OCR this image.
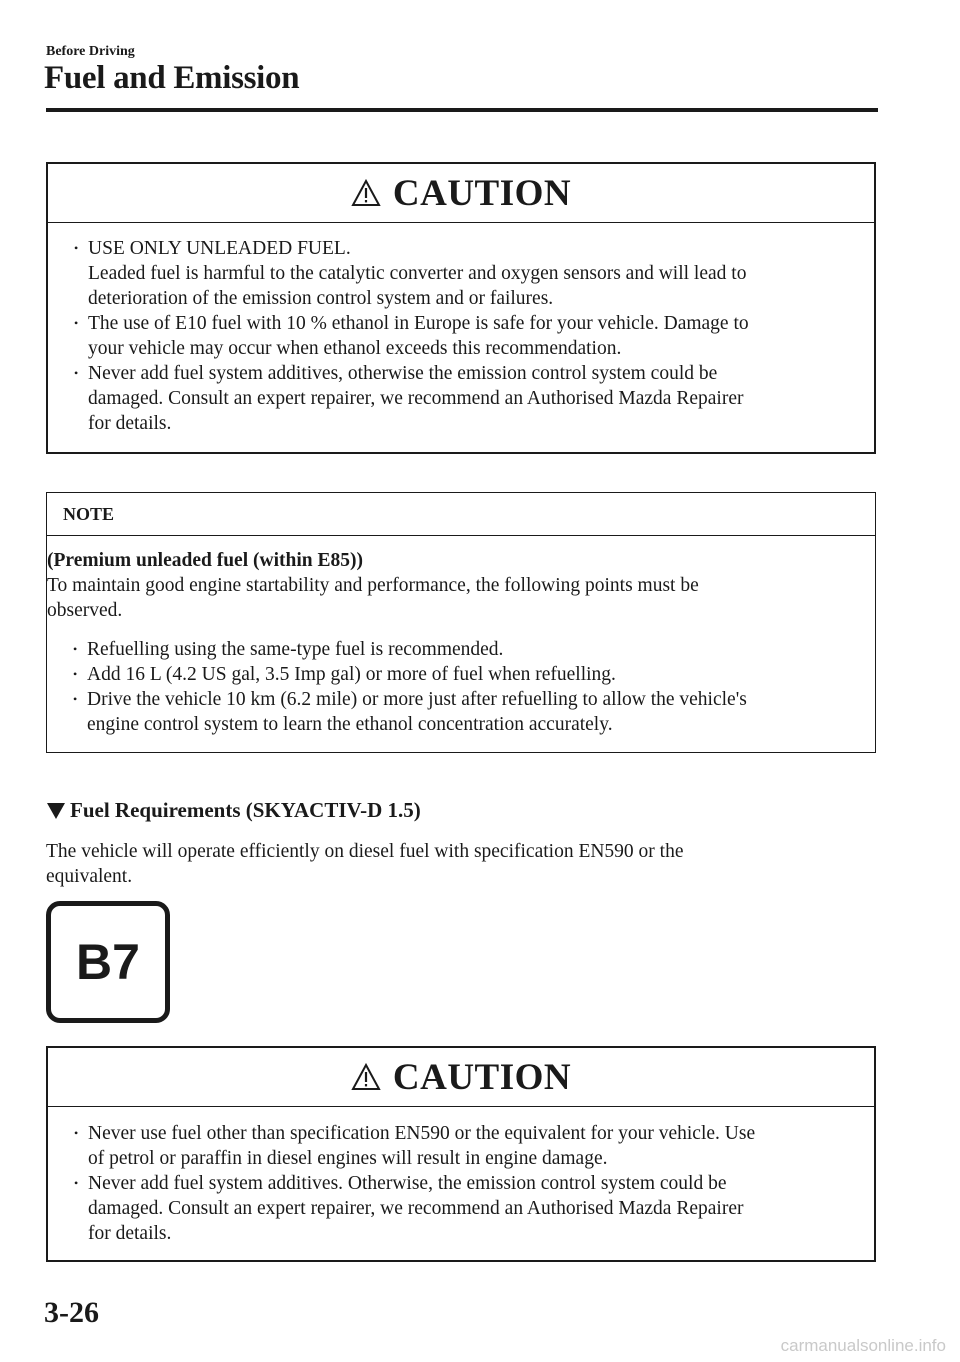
Before Driving
Fuel and Emission
CAUTION
• USE ONLY UNLEADED FUEL.
Leaded fuel is harmful to the catalytic converter and oxygen sensors and will lead to
deterioration of the emission control system and or failures.
• The use of E10 fuel with 10 % ethanol in Europe is safe for your vehicle. Damage to
your vehicle may occur when ethanol exceeds this recommendation.
• Never add fuel system additives, otherwise the emission control system could be
damaged. Consult an expert repairer, we recommend an Authorised Mazda Repairer
for details.
NOTE

(Premium unleaded fuel (within E85))

To maintain good engine startability and performance, the following points must be
observed.

• Refuelling using the same-type fuel is recommended.
• Add 16 L (4.2 US gal, 3.5 Imp gal) or more of fuel when refuelling.
• Drive the vehicle 10 km (6.2 mile) or more just after refuelling to allow the vehicle's
engine control system to learn the ethanol concentration accurately.
Fuel Requirements (SKYACTIV-D 1.5)

The vehicle will operate efficiently on diesel fuel with specification EN590 or the
equivalent.

B7
CAUTION
• Never use fuel other than specification EN590 or the equivalent for your vehicle. Use
of petrol or paraffin in diesel engines will result in engine damage.
• Never add fuel system additives. Otherwise, the emission control system could be
damaged. Consult an expert repairer, we recommend an Authorised Mazda Repairer
for details.
3-26
carmanualsonline.info
